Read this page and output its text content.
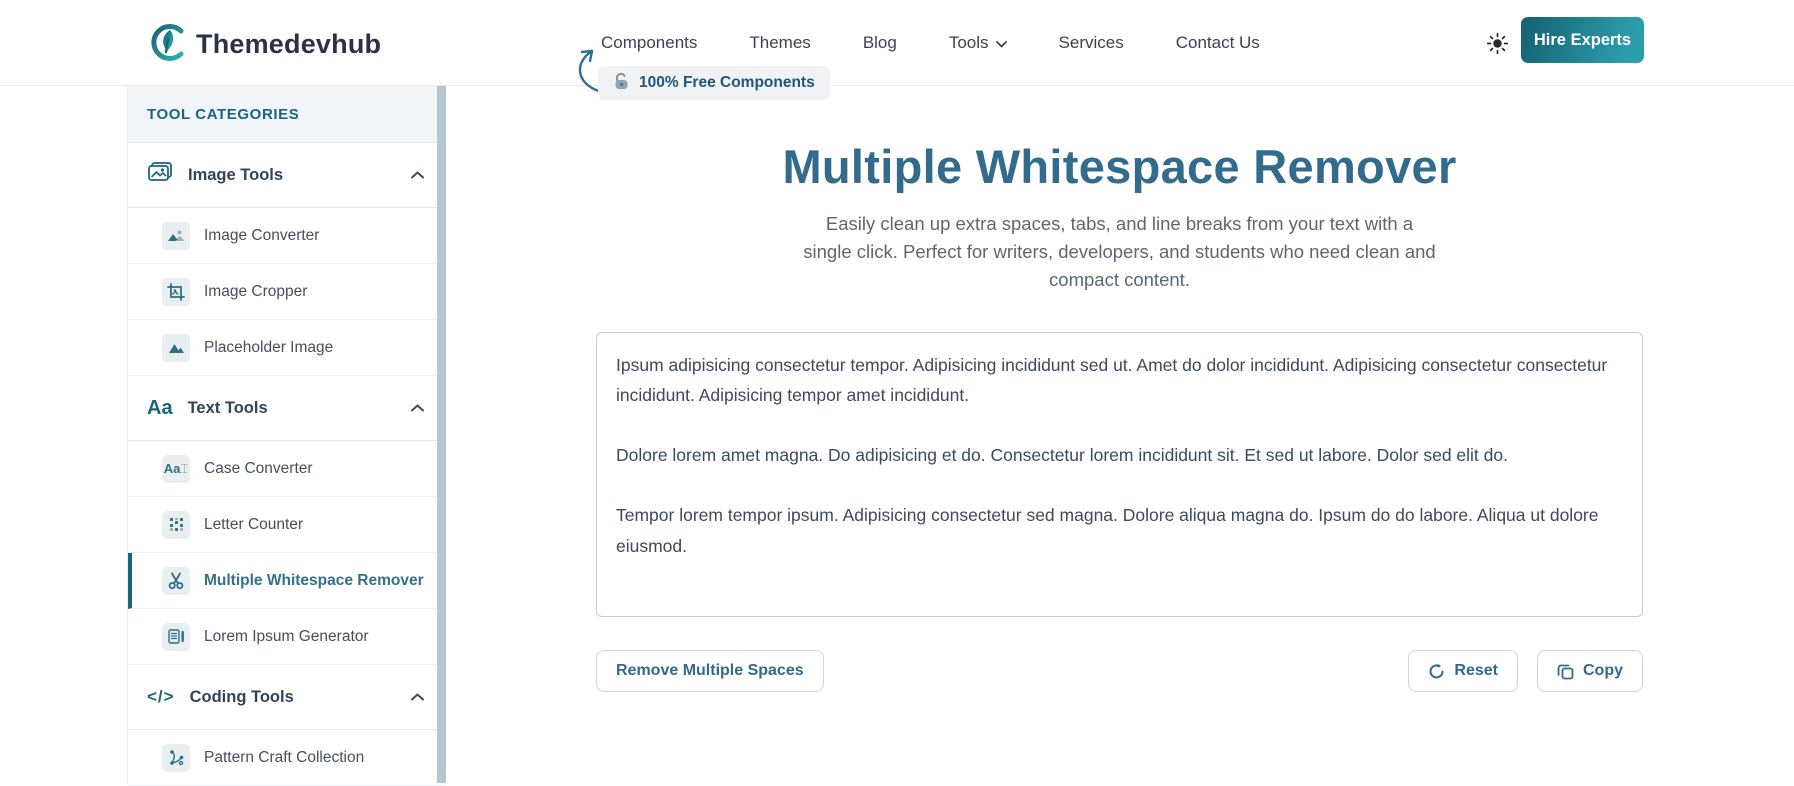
Themedevhub	Components	Themes	Blog	Tools	Services	Contact Us	Hire Experts
100% Free Components
TOOL CATEGORIES
Image Tools
Image Converter
Image Cropper
Placeholder Image
Aa Text Tools
Aa⌶ Case Converter
Letter Counter
Multiple Whitespace Remover
Lorem Ipsum Generator
</> Coding Tools
Pattern Craft Collection
Multiple Whitespace Remover

Easily clean up extra spaces, tabs, and line breaks from your text with a single click. Perfect for writers, developers, and students who need clean and compact content.

Ipsum adipisicing consectetur tempor. Adipisicing incididunt sed ut. Amet do dolor incididunt. Adipisicing consectetur consectetur incididunt. Adipisicing tempor amet incididunt. Dolore lorem amet magna. Do adipisicing et do. Consectetur lorem incididunt sit. Et sed ut labore. Dolor sed elit do. Tempor lorem tempor ipsum. Adipisicing consectetur sed magna. Dolore aliqua magna do. Ipsum do do labore. Aliqua ut dolore eiusmod.
Remove Multiple Spaces	Reset	Copy
